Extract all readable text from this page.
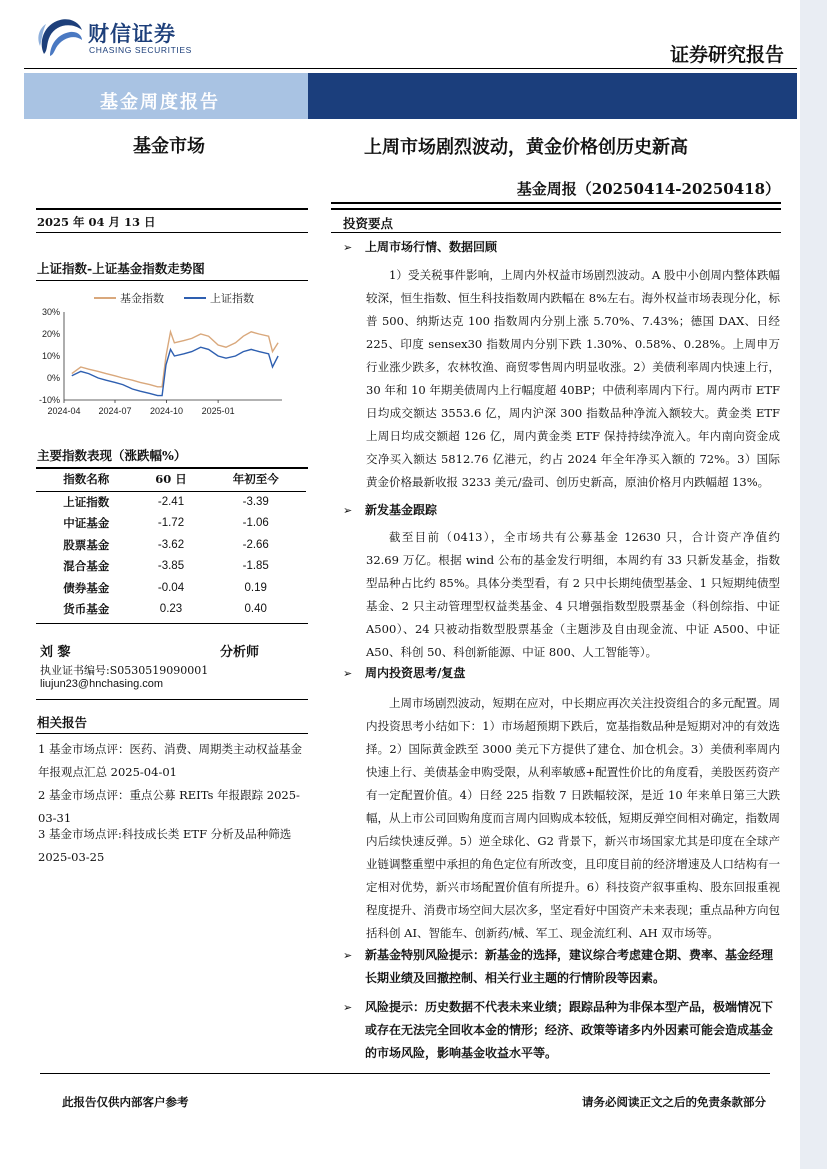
财信证券
CHASING SECURITIES	证券研究报告
基金周度报告
基金市场	上周市场剧烈波动，黄金价格创历史新高
基金周报（20250414-20250418）
2025 年 04 月 13 日
上证指数-上证基金指数走势图
基金指数	上证指数
-10%
0%
10%
20%
30%
2024-04 2024-07 2024-10 2025-01
主要指数表现（涨跌幅%）
指数名称	60 日	年初至今
上证指数	-2.41	-3.39
中证基金	-1.72	-1.06
股票基金	-3.62	-2.66
混合基金	-3.85	-1.85
债券基金	-0.04	0.19
货币基金	0.23	0.40
刘 黎	分析师
执业证书编号:S0530519090001
liujun23@hnchasing.com
相关报告
1 基金市场点评：医药、消费、周期类主动权益基金年报观点汇总 2025-04-01
2 基金市场点评：重点公募 REITs 年报跟踪 2025-03-31
3 基金市场点评:科技成长类 ETF 分析及品种筛选 2025-03-25
投资要点
➢ 上周市场行情、数据回顾
1）受关税事件影响，上周内外权益市场剧烈波动。A 股中小创周内整体跌幅较深，恒生指数、恒生科技指数周内跌幅在 8%左右。海外权益市场表现分化，标普 500、纳斯达克 100 指数周内分别上涨 5.70%、7.43%；德国 DAX、日经 225、印度 sensex30 指数周内分别下跌 1.30%、0.58%、0.28%。上周申万行业涨少跌多，农林牧渔、商贸零售周内明显收涨。2）美债利率周内快速上行，30 年和 10 年期美债周内上行幅度超 40BP；中债利率周内下行。周内两市 ETF 日均成交额达 3553.6 亿，周内沪深 300 指数品种净流入额较大。黄金类 ETF 上周日均成交额超 126 亿，周内黄金类 ETF 保持持续净流入。年内南向资金成交净买入额达 5812.76 亿港元，约占 2024 年全年净买入额的 72%。3）国际黄金价格最新收报 3233 美元/盎司、创历史新高，原油价格月内跌幅超 13%。
➢ 新发基金跟踪
截至目前（0413），全市场共有公募基金 12630 只，合计资产净值约 32.69 万亿。根据 wind 公布的基金发行明细，本周约有 33 只新发基金，指数型品种占比约 85%。具体分类型看，有 2 只中长期纯债型基金、1 只短期纯债型基金、2 只主动管理型权益类基金、4 只增强指数型股票基金（科创综指、中证 A500）、24 只被动指数型股票基金（主题涉及自由现金流、中证 A500、中证 A50、科创 50、科创新能源、中证 800、人工智能等）。
➢ 周内投资思考/复盘
上周市场剧烈波动，短期在应对，中长期应再次关注投资组合的多元配置。周内投资思考小结如下：1）市场超预期下跌后，宽基指数品种是短期对冲的有效选择。2）国际黄金跌至 3000 美元下方提供了建仓、加仓机会。3）美债利率周内快速上行、美债基金申购受限，从利率敏感+配置性价比的角度看，美股医药资产有一定配置价值。4）日经 225 指数 7 日跌幅较深，是近 10 年来单日第三大跌幅，从上市公司回购角度而言周内回购成本较低，短期反弹空间相对确定，指数周内后续快速反弹。5）逆全球化、G2 背景下，新兴市场国家尤其是印度在全球产业链调整重塑中承担的角色定位有所改变，且印度目前的经济增速及人口结构有一定相对优势，新兴市场配置价值有所提升。6）科技资产叙事重构、股东回报重视程度提升、消费市场空间大层次多，坚定看好中国资产未来表现；重点品种方向包括科创 AI、智能车、创新药/械、军工、现金流红利、AH 双市场等。
➢ 新基金特别风险提示：新基金的选择，建议综合考虑建仓期、费率、基金经理长期业绩及回撤控制、相关行业主题的行情阶段等因素。
➢ 风险提示：历史数据不代表未来业绩；跟踪品种为非保本型产品，极端情况下或存在无法完全回收本金的情形；经济、政策等诸多内外因素可能会造成基金的市场风险，影响基金收益水平等。
此报告仅供内部客户参考	请务必阅读正文之后的免责条款部分
